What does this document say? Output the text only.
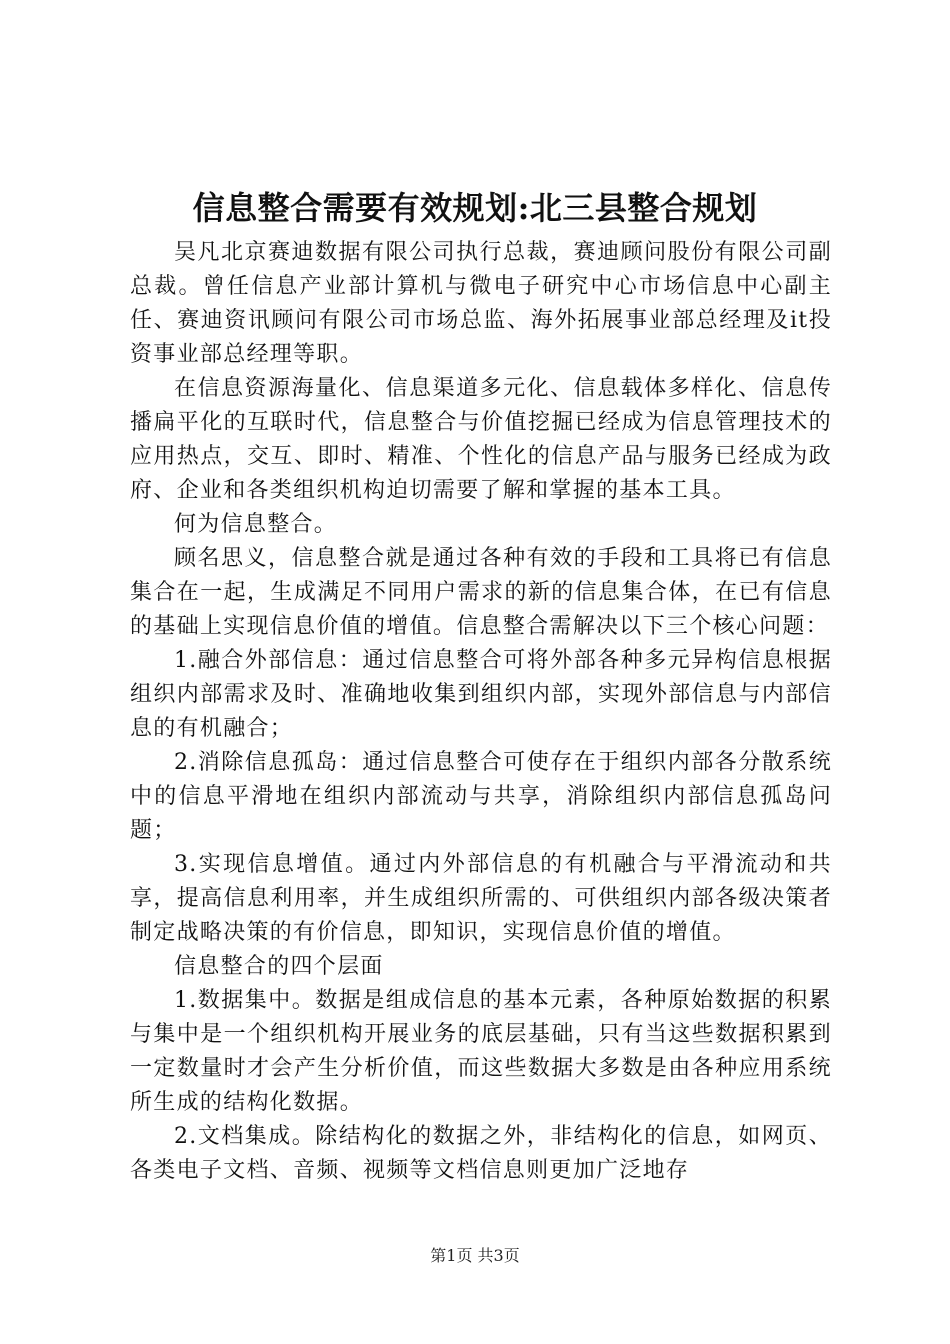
信息整合需要有效规划:北三县整合规划

吴凡北京赛迪数据有限公司执行总裁，赛迪顾问股份有限公司副总裁。曾任信息产业部计算机与微电子研究中心市场信息中心副主任、赛迪资讯顾问有限公司市场总监、海外拓展事业部总经理及it投资事业部总经理等职。

在信息资源海量化、信息渠道多元化、信息载体多样化、信息传播扁平化的互联时代，信息整合与价值挖掘已经成为信息管理技术的应用热点，交互、即时、精准、个性化的信息产品与服务已经成为政府、企业和各类组织机构迫切需要了解和掌握的基本工具。

何为信息整合。

顾名思义，信息整合就是通过各种有效的手段和工具将已有信息集合在一起，生成满足不同用户需求的新的信息集合体，在已有信息的基础上实现信息价值的增值。信息整合需解决以下三个核心问题：

1.融合外部信息：通过信息整合可将外部各种多元异构信息根据组织内部需求及时、准确地收集到组织内部，实现外部信息与内部信息的有机融合；

2.消除信息孤岛：通过信息整合可使存在于组织内部各分散系统中的信息平滑地在组织内部流动与共享，消除组织内部信息孤岛问题；

3.实现信息增值。通过内外部信息的有机融合与平滑流动和共享，提高信息利用率，并生成组织所需的、可供组织内部各级决策者制定战略决策的有价信息，即知识，实现信息价值的增值。

信息整合的四个层面

1.数据集中。数据是组成信息的基本元素，各种原始数据的积累与集中是一个组织机构开展业务的底层基础，只有当这些数据积累到一定数量时才会产生分析价值，而这些数据大多数是由各种应用系统所生成的结构化数据。

2.文档集成。除结构化的数据之外，非结构化的信息，如网页、各类电子文档、音频、视频等文档信息则更加广泛地存

第1页 共3页
